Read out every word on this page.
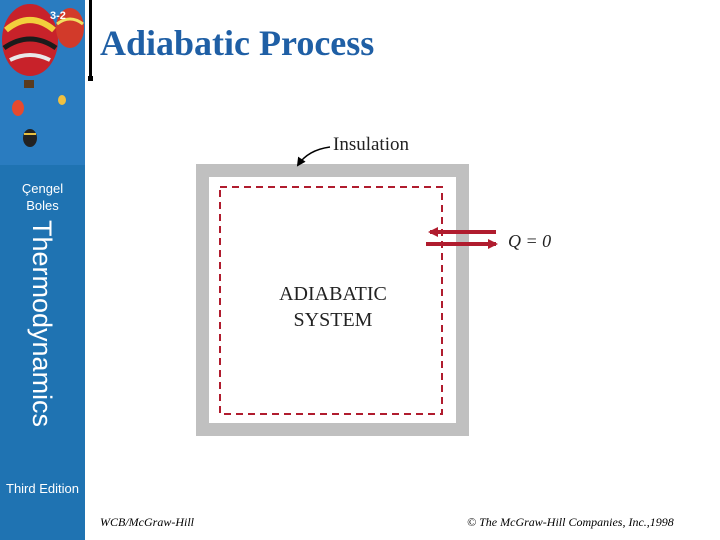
3-2
Çengel
Boles
Thermodynamics
Third Edition
Adiabatic Process
Insulation
Q = 0
ADIABATIC
SYSTEM
WCB/McGraw-Hill	© The McGraw-Hill Companies, Inc.,1998
